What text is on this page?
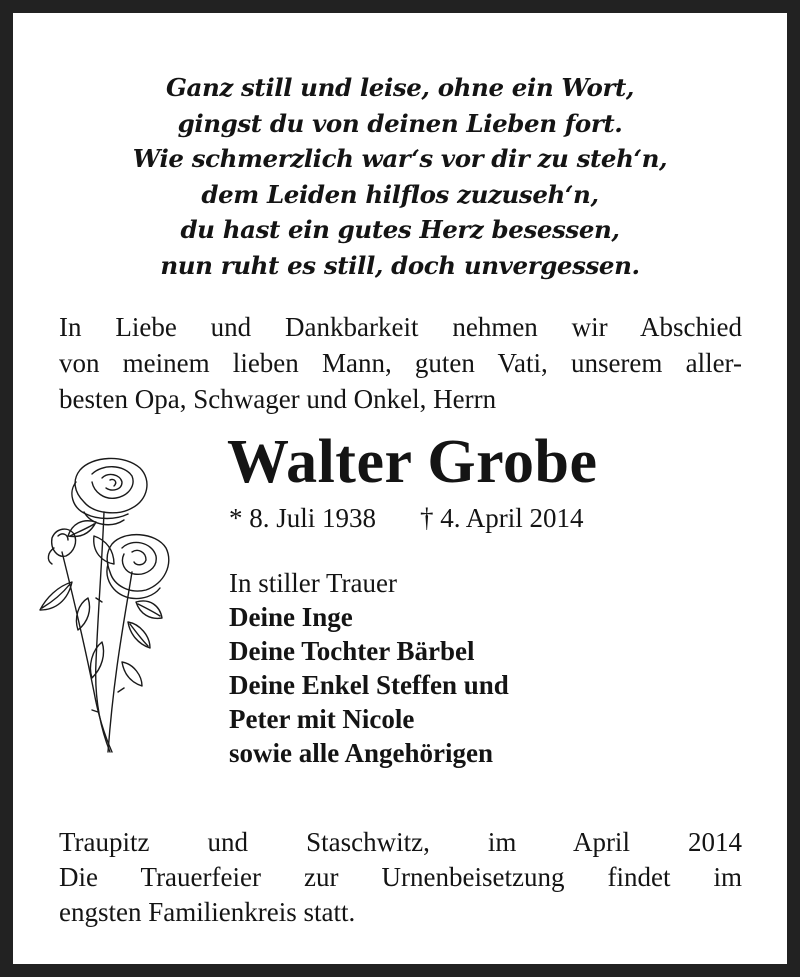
Ganz still und leise, ohne ein Wort,
gingst du von deinen Lieben fort.
Wie schmerzlich war‘s vor dir zu steh‘n,
dem Leiden hilflos zuzuseh‘n,
du hast ein gutes Herz besessen,
nun ruht es still, doch unvergessen.
In Liebe und Dankbarkeit nehmen wir Abschied
von meinem lieben Mann, guten Vati, unserem aller-
besten Opa, Schwager und Onkel, Herrn
Walter Grobe
* 8. Juli 1938 † 4. April 2014
In stiller Trauer
Deine Inge
Deine Tochter Bärbel
Deine Enkel Steffen und
Peter mit Nicole
sowie alle Angehörigen
Traupitz und Staschwitz, im April 2014
Die Trauerfeier zur Urnenbeisetzung findet im
engsten Familienkreis statt.
